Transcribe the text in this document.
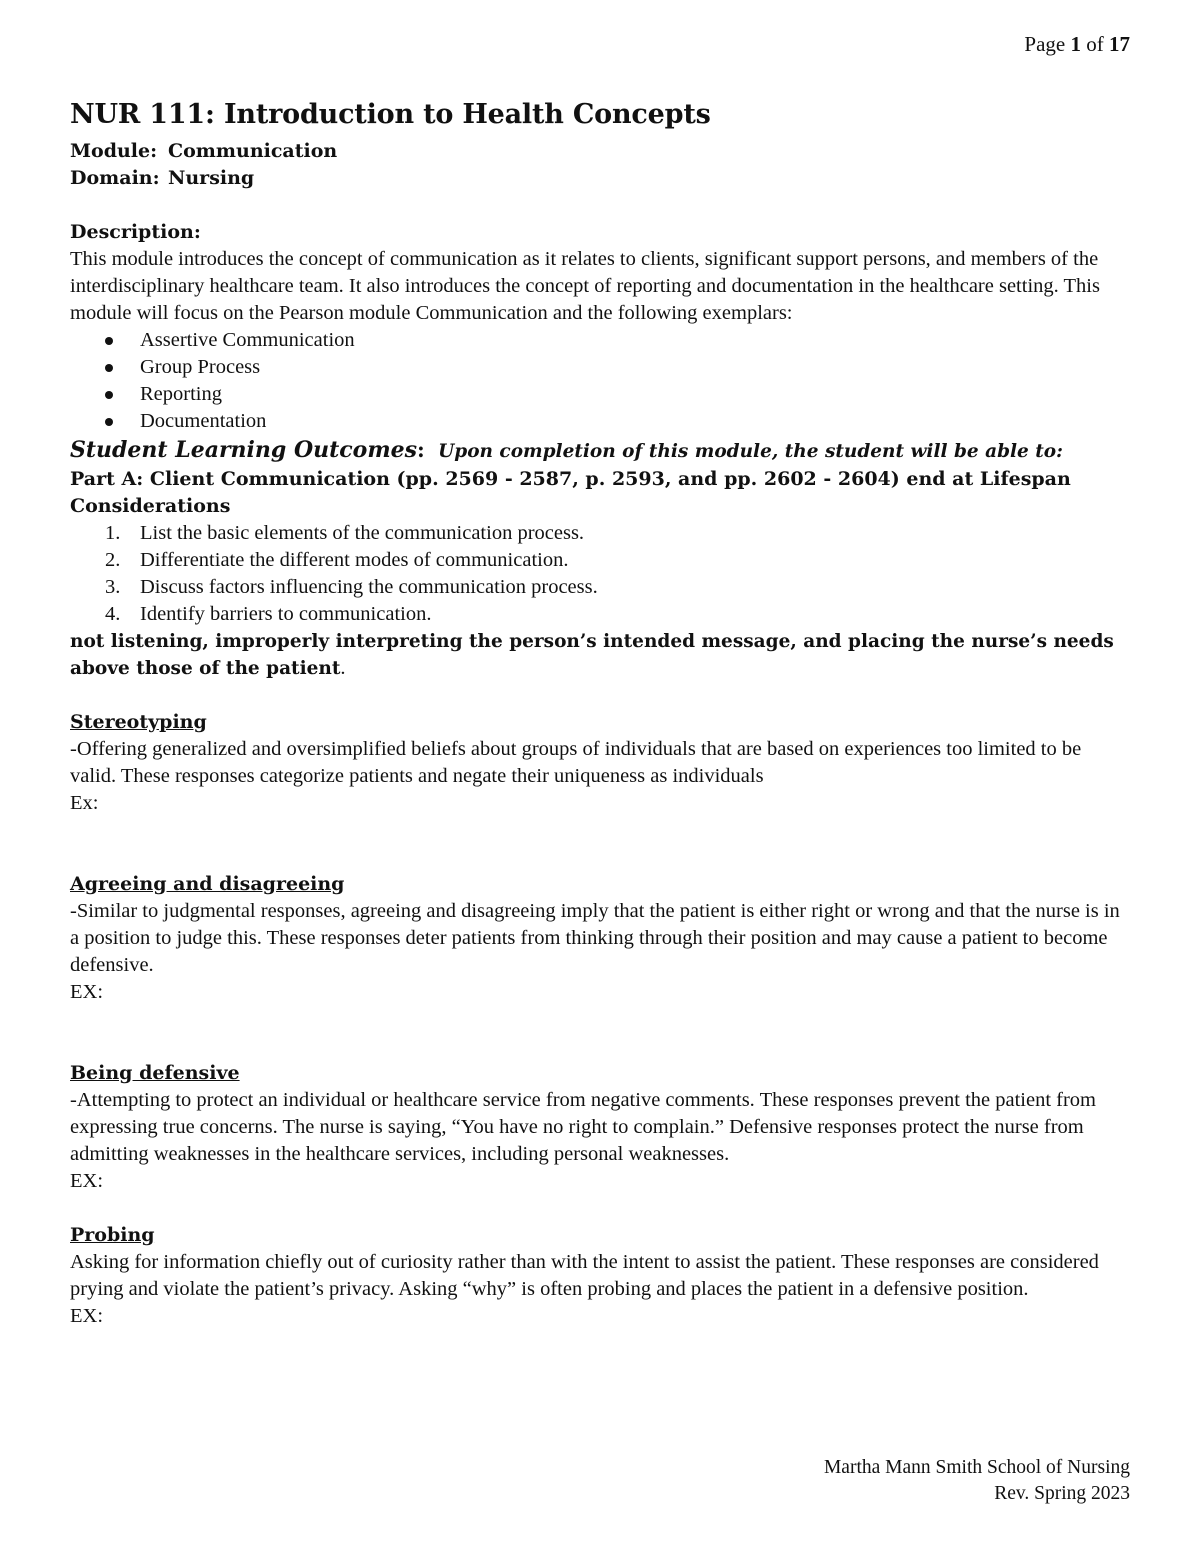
Page 1 of 17
NUR 111: Introduction to Health Concepts
Module: Communication
Domain: Nursing
Description:

This module introduces the concept of communication as it relates to clients, significant support persons, and members of the interdisciplinary healthcare team. It also introduces the concept of reporting and documentation in the healthcare setting. This module will focus on the Pearson module Communication and the following exemplars:

Assertive Communication
Group Process
Reporting
Documentation
Student Learning Outcomes: Upon completion of this module, the student will be able to:
Part A: Client Communication (pp. 2569 - 2587, p. 2593, and pp. 2602 - 2604) end at Lifespan Considerations
1. List the basic elements of the communication process.
2. Differentiate the different modes of communication.
3. Discuss factors influencing the communication process.
4. Identify barriers to communication.

not listening, improperly interpreting the person’s intended message, and placing the nurse’s needs above those of the patient.

Stereotyping

-Offering generalized and oversimplified beliefs about groups of individuals that are based on experiences too limited to be valid. These responses categorize patients and negate their uniqueness as individuals

Ex:

Agreeing and disagreeing

-Similar to judgmental responses, agreeing and disagreeing imply that the patient is either right or wrong and that the nurse is in a position to judge this. These responses deter patients from thinking through their position and may cause a patient to become defensive.

EX:

Being defensive

-Attempting to protect an individual or healthcare service from negative comments. These responses prevent the patient from expressing true concerns. The nurse is saying, “You have no right to complain.” Defensive responses protect the nurse from admitting weaknesses in the healthcare services, including personal weaknesses.

EX:

Probing

Asking for information chiefly out of curiosity rather than with the intent to assist the patient. These responses are considered prying and violate the patient’s privacy. Asking “why” is often probing and places the patient in a defensive position.

EX:

Martha Mann Smith School of Nursing
Rev. Spring 2023
